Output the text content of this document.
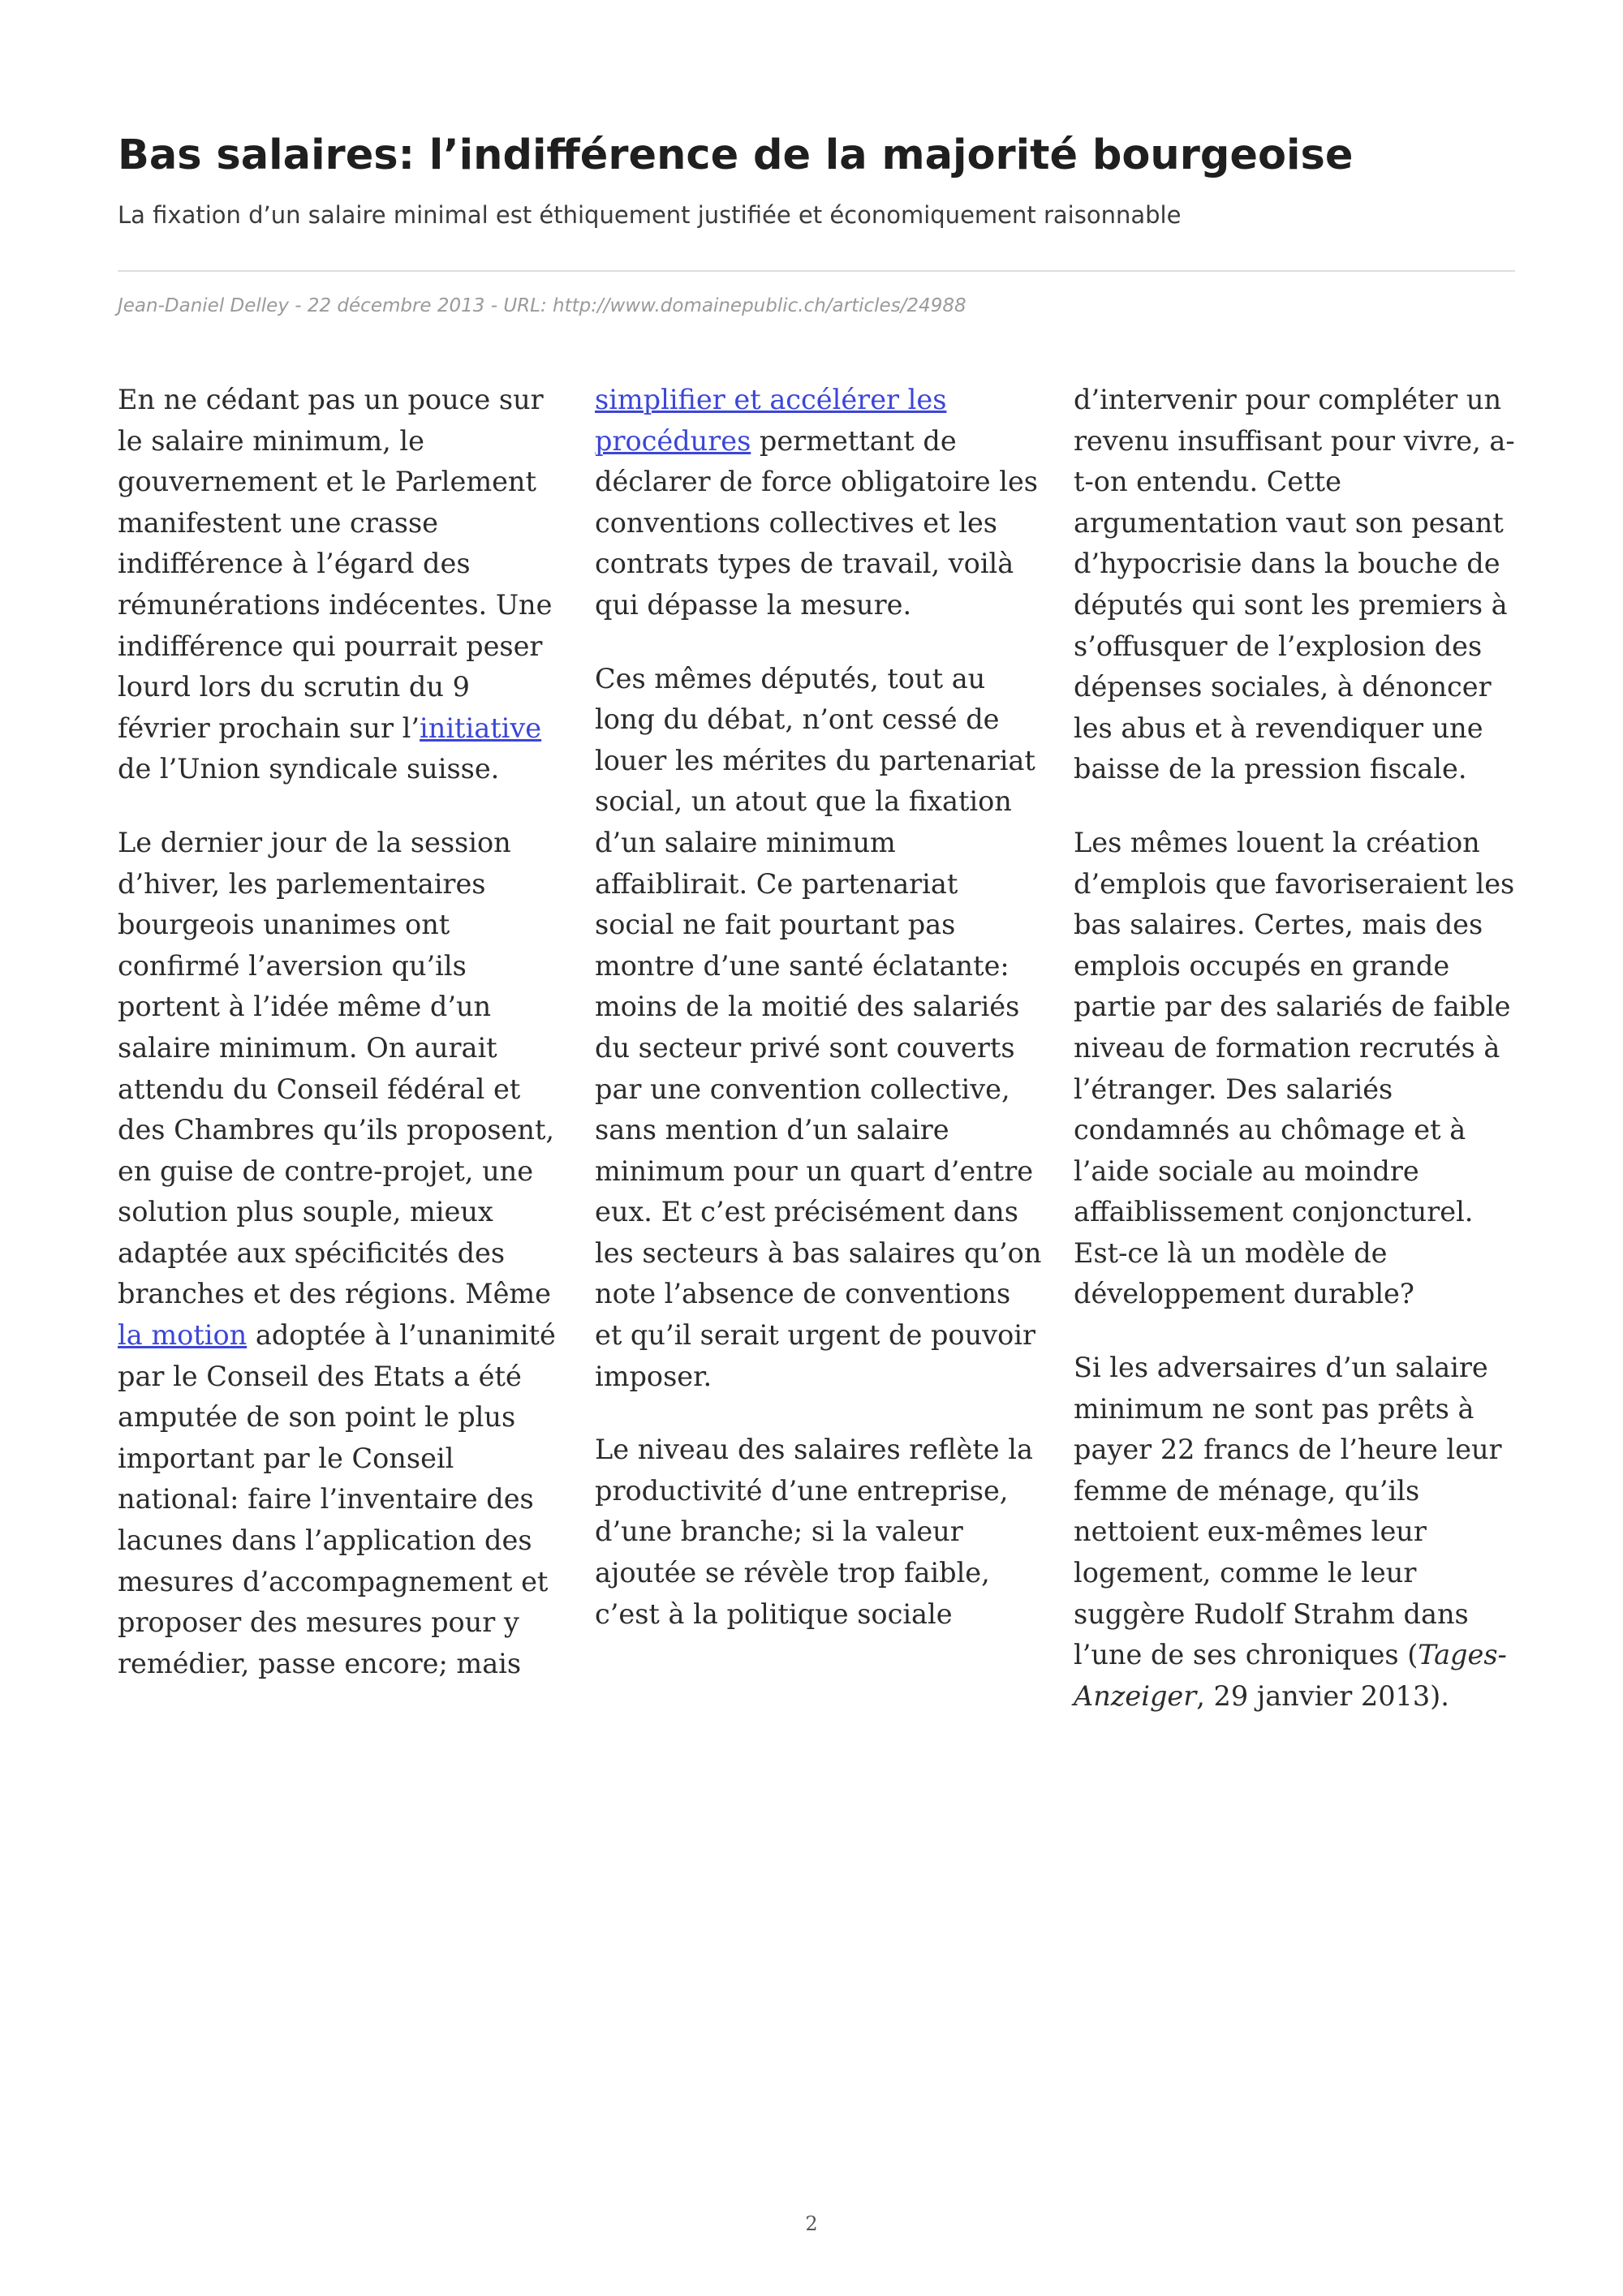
Bas salaires: l’indifférence de la majorité bourgeoise

La fixation d’un salaire minimal est éthiquement justifiée et économiquement raisonnable

Jean-Daniel Delley - 22 décembre 2013 - URL: http://www.domainepublic.ch/articles/24988

En ne cédant pas un pouce sur le salaire minimum, le gouvernement et le Parlement manifestent une crasse indifférence à l’égard des rémunérations indécentes. Une indifférence qui pourrait peser lourd lors du scrutin du 9 février prochain sur l’initiative de l’Union syndicale suisse.

Le dernier jour de la session d’hiver, les parlementaires bourgeois unanimes ont confirmé l’aversion qu’ils portent à l’idée même d’un salaire minimum. On aurait attendu du Conseil fédéral et des Chambres qu’ils proposent, en guise de contre-projet, une solution plus souple, mieux adaptée aux spécificités des branches et des régions. Même la motion adoptée à l’unanimité par le Conseil des Etats a été amputée de son point le plus important par le Conseil national: faire l’inventaire des lacunes dans l’application des mesures d’accompagnement et proposer des mesures pour y remédier, passe encore; mais

simplifier et accélérer les procédures permettant de déclarer de force obligatoire les conventions collectives et les contrats types de travail, voilà qui dépasse la mesure.

Ces mêmes députés, tout au long du débat, n’ont cessé de louer les mérites du partenariat social, un atout que la fixation d’un salaire minimum affaiblirait. Ce partenariat social ne fait pourtant pas montre d’une santé éclatante: moins de la moitié des salariés du secteur privé sont couverts par une convention collective, sans mention d’un salaire minimum pour un quart d’entre eux. Et c’est précisément dans les secteurs à bas salaires qu’on note l’absence de conventions et qu’il serait urgent de pouvoir imposer.

Le niveau des salaires reflète la productivité d’une entreprise, d’une branche; si la valeur ajoutée se révèle trop faible, c’est à la politique sociale

d’intervenir pour compléter un revenu insuffisant pour vivre, a-t-on entendu. Cette argumentation vaut son pesant d’hypocrisie dans la bouche de députés qui sont les premiers à s’offusquer de l’explosion des dépenses sociales, à dénoncer les abus et à revendiquer une baisse de la pression fiscale.

Les mêmes louent la création d’emplois que favoriseraient les bas salaires. Certes, mais des emplois occupés en grande partie par des salariés de faible niveau de formation recrutés à l’étranger. Des salariés condamnés au chômage et à l’aide sociale au moindre affaiblissement conjoncturel. Est-ce là un modèle de développement durable?

Si les adversaires d’un salaire minimum ne sont pas prêts à payer 22 francs de l’heure leur femme de ménage, qu’ils nettoient eux-mêmes leur logement, comme le leur suggère Rudolf Strahm dans l’une de ses chroniques (Tages-Anzeiger, 29 janvier 2013).

2
